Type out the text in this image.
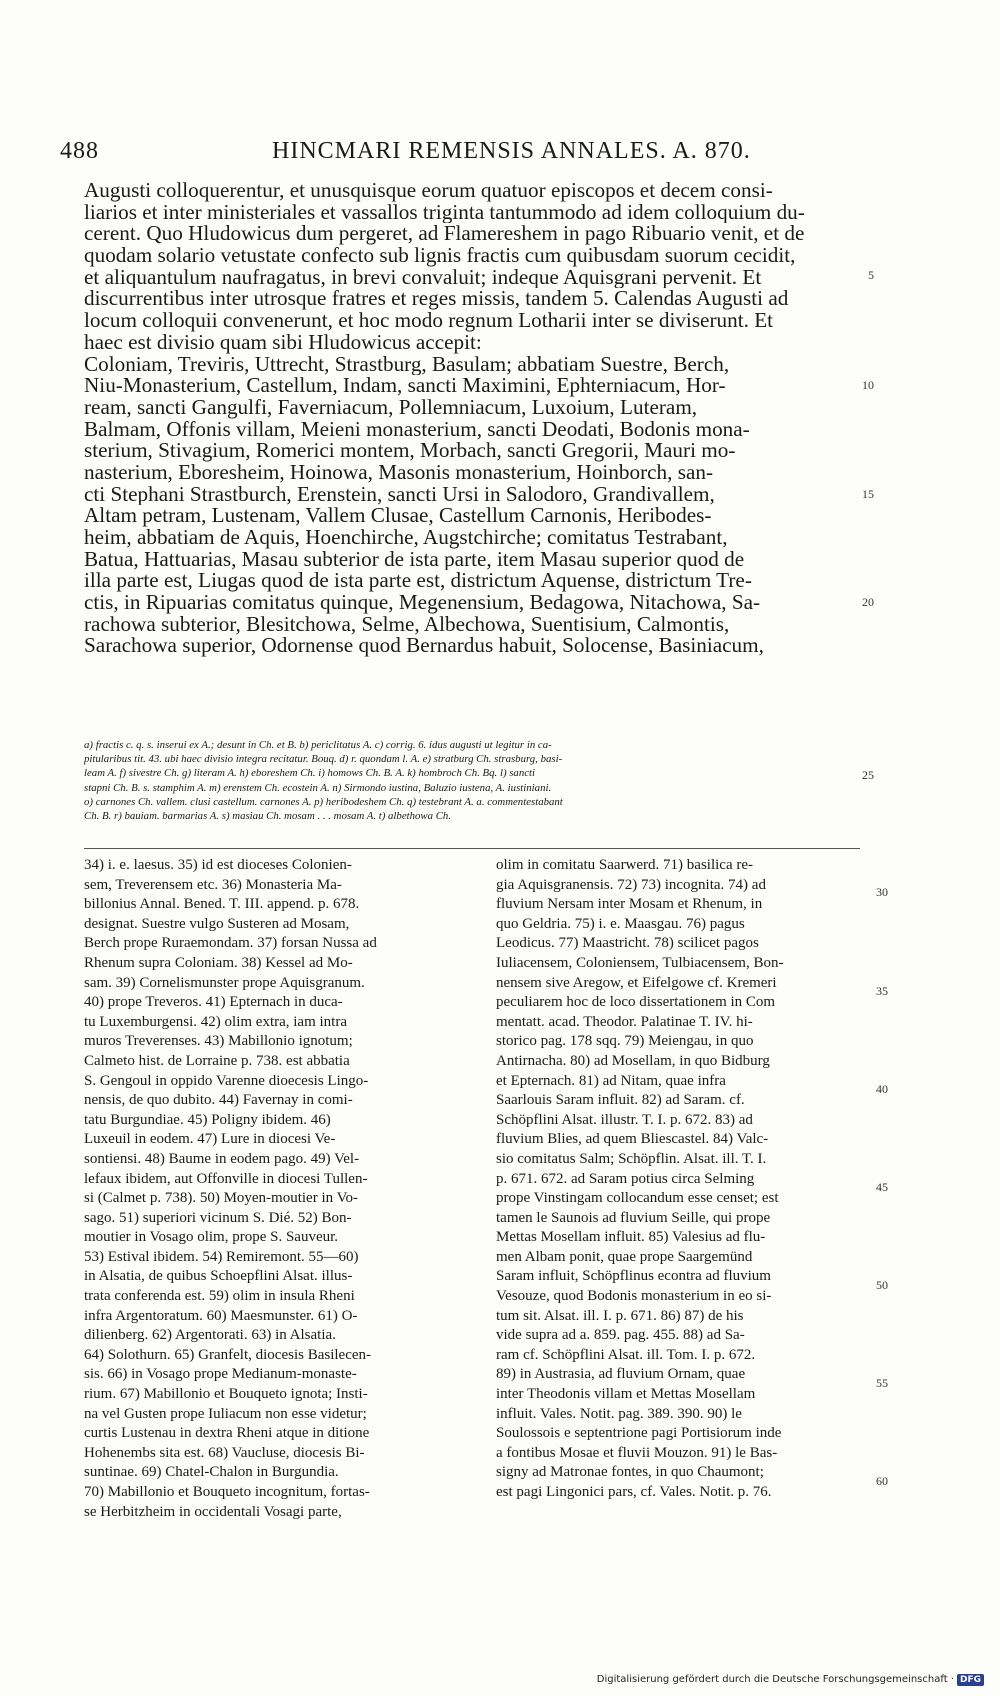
488	HINCMARI REMENSIS ANNALES. A. 870.
Augusti colloquerentur, et unusquisque eorum quatuor episcopos et decem consi-
liarios et inter ministeriales et vassallos triginta tantummodo ad idem colloquium du-
cerent. Quo Hludowicus dum pergeret, ad Flamereshem in pago Ribuario venit, et de
quodam solario vetustate confecto sub lignis fractis cum quibusdam suorum cecidit,
et aliquantulum naufragatus, in brevi convaluit; indeque Aquisgrani pervenit. Et
discurrentibus inter utrosque fratres et reges missis, tandem 5. Calendas Augusti ad
locum colloquii convenerunt, et hoc modo regnum Lotharii inter se diviserunt. Et
haec est divisio quam sibi Hludowicus accepit:
Coloniam, Treviris, Uttrecht, Strastburg, Basulam; abbatiam Suestre, Berch,
Niu-Monasterium, Castellum, Indam, sancti Maximini, Ephterniacum, Hor-
ream, sancti Gangulfi, Faverniacum, Pollemniacum, Luxoium, Luteram,
Balmam, Offonis villam, Meieni monasterium, sancti Deodati, Bodonis mona-
sterium, Stivagium, Romerici montem, Morbach, sancti Gregorii, Mauri mo-
nasterium, Eboresheim, Hoinowa, Masonis monasterium, Hoinborch, san-
cti Stephani Strastburch, Erenstein, sancti Ursi in Salodoro, Grandivallem,
Altam petram, Lustenam, Vallem Clusae, Castellum Carnonis, Heribodes-
heim, abbatiam de Aquis, Hoenchirche, Augstchirche; comitatus Testrabant,
Batua, Hattuarias, Masau subterior de ista parte, item Masau superior quod de
illa parte est, Liugas quod de ista parte est, districtum Aquense, districtum Tre-
ctis, in Ripuarias comitatus quinque, Megenensium, Bedagowa, Nitachowa, Sa-
rachowa subterior, Blesitchowa, Selme, Albechowa, Suentisium, Calmontis,
Sarachowa superior, Odornense quod Bernardus habuit, Solocense, Basiniacum,
a) fractis c. q. s. inserui ex A.; desunt in Ch. et B. b) periclitatus A. c) corrig. 6. idus augusti ut legitur in ca-
pitularibus tit. 43. ubi haec divisio integra recitatur. Bouq. d) r. quondam l. A. e) stratburg Ch. strasburg, basi-
leam A. f) sivestre Ch. g) literam A. h) eboreshem Ch. i) homows Ch. B. A. k) hombroch Ch. Bq. l) sancti
stapni Ch. B. s. stamphim A. m) erenstem Ch. ecostein A. n) Sirmondo iustina, Baluzio iustena, A. iustiniani.
o) carnones Ch. vallem. clusi castellum. carnones A. p) heribodeshem Ch. q) testebrant A. a. commentestabant
Ch. B. r) bauiam. barmarias A. s) masiau Ch. mosam . . . mosam A. t) albethowa Ch.
34) i. e. laesus. 35) id est dioceses Colonien-
sem, Treverensem etc. 36) Monasteria Ma-
billonius Annal. Bened. T. III. append. p. 678.
designat. Suestre vulgo Susteren ad Mosam,
Berch prope Ruraemondam. 37) forsan Nussa ad
Rhenum supra Coloniam. 38) Kessel ad Mo-
sam. 39) Cornelismunster prope Aquisgranum.
40) prope Treveros. 41) Epternach in duca-
tu Luxemburgensi. 42) olim extra, iam intra
muros Treverenses. 43) Mabillonio ignotum;
Calmeto hist. de Lorraine p. 738. est abbatia
S. Gengoul in oppido Varenne dioecesis Lingo-
nensis, de quo dubito. 44) Favernay in comi-
tatu Burgundiae. 45) Poligny ibidem. 46)
Luxeuil in eodem. 47) Lure in diocesi Ve-
sontiensi. 48) Baume in eodem pago. 49) Vel-
lefaux ibidem, aut Offonville in diocesi Tullen-
si (Calmet p. 738). 50) Moyen-moutier in Vo-
sago. 51) superiori vicinum S. Dié. 52) Bon-
moutier in Vosago olim, prope S. Sauveur.
53) Estival ibidem. 54) Remiremont. 55—60)
in Alsatia, de quibus Schoepflini Alsat. illus-
trata conferenda est. 59) olim in insula Rheni
infra Argentoratum. 60) Maesmunster. 61) O-
dilienberg. 62) Argentorati. 63) in Alsatia.
64) Solothurn. 65) Granfelt, diocesis Basilecen-
sis. 66) in Vosago prope Medianum-monaste-
rium. 67) Mabillonio et Bouqueto ignota; Insti-
na vel Gusten prope Iuliacum non esse videtur;
curtis Lustenau in dextra Rheni atque in ditione
Hohenembs sita est. 68) Vaucluse, diocesis Bi-
suntinae. 69) Chatel-Chalon in Burgundia.
70) Mabillonio et Bouqueto incognitum, fortas-
se Herbitzheim in occidentali Vosagi parte,
olim in comitatu Saarwerd. 71) basilica re-
gia Aquisgranensis. 72) 73) incognita. 74) ad
fluvium Nersam inter Mosam et Rhenum, in
quo Geldria. 75) i. e. Maasgau. 76) pagus
Leodicus. 77) Maastricht. 78) scilicet pagos
Iuliacensem, Coloniensem, Tulbiacensem, Bon-
nensem sive Aregow, et Eifelgowe cf. Kremeri
peculiarem hoc de loco dissertationem in Com
mentatt. acad. Theodor. Palatinae T. IV. hi-
storico pag. 178 sqq. 79) Meiengau, in quo
Antirnacha. 80) ad Mosellam, in quo Bidburg
et Epternach. 81) ad Nitam, quae infra
Saarlouis Saram influit. 82) ad Saram. cf.
Schöpflini Alsat. illustr. T. I. p. 672. 83) ad
fluvium Blies, ad quem Bliescastel. 84) Valc-
sio comitatus Salm; Schöpflin. Alsat. ill. T. I.
p. 671. 672. ad Saram potius circa Selming
prope Vinstingam collocandum esse censet; est
tamen le Saunois ad fluvium Seille, qui prope
Mettas Mosellam influit. 85) Valesius ad flu-
men Albam ponit, quae prope Saargemünd
Saram influit, Schöpflinus econtra ad fluvium
Vesouze, quod Bodonis monasterium in eo si-
tum sit. Alsat. ill. I. p. 671. 86) 87) de his
vide supra ad a. 859. pag. 455. 88) ad Sa-
ram cf. Schöpflini Alsat. ill. Tom. I. p. 672.
89) in Austrasia, ad fluvium Ornam, quae
inter Theodonis villam et Mettas Mosellam
influit. Vales. Notit. pag. 389. 390. 90) le
Soulossois e septentrione pagi Portisiorum inde
a fontibus Mosae et fluvii Mouzon. 91) le Bas-
signy ad Matronae fontes, in quo Chaumont;
est pagi Lingonici pars, cf. Vales. Notit. p. 76.
5
10
15
20
25
30
35
40
45
50
55
60
Digitalisierung gefördert durch die Deutsche Forschungsgemeinschaft · DFG
